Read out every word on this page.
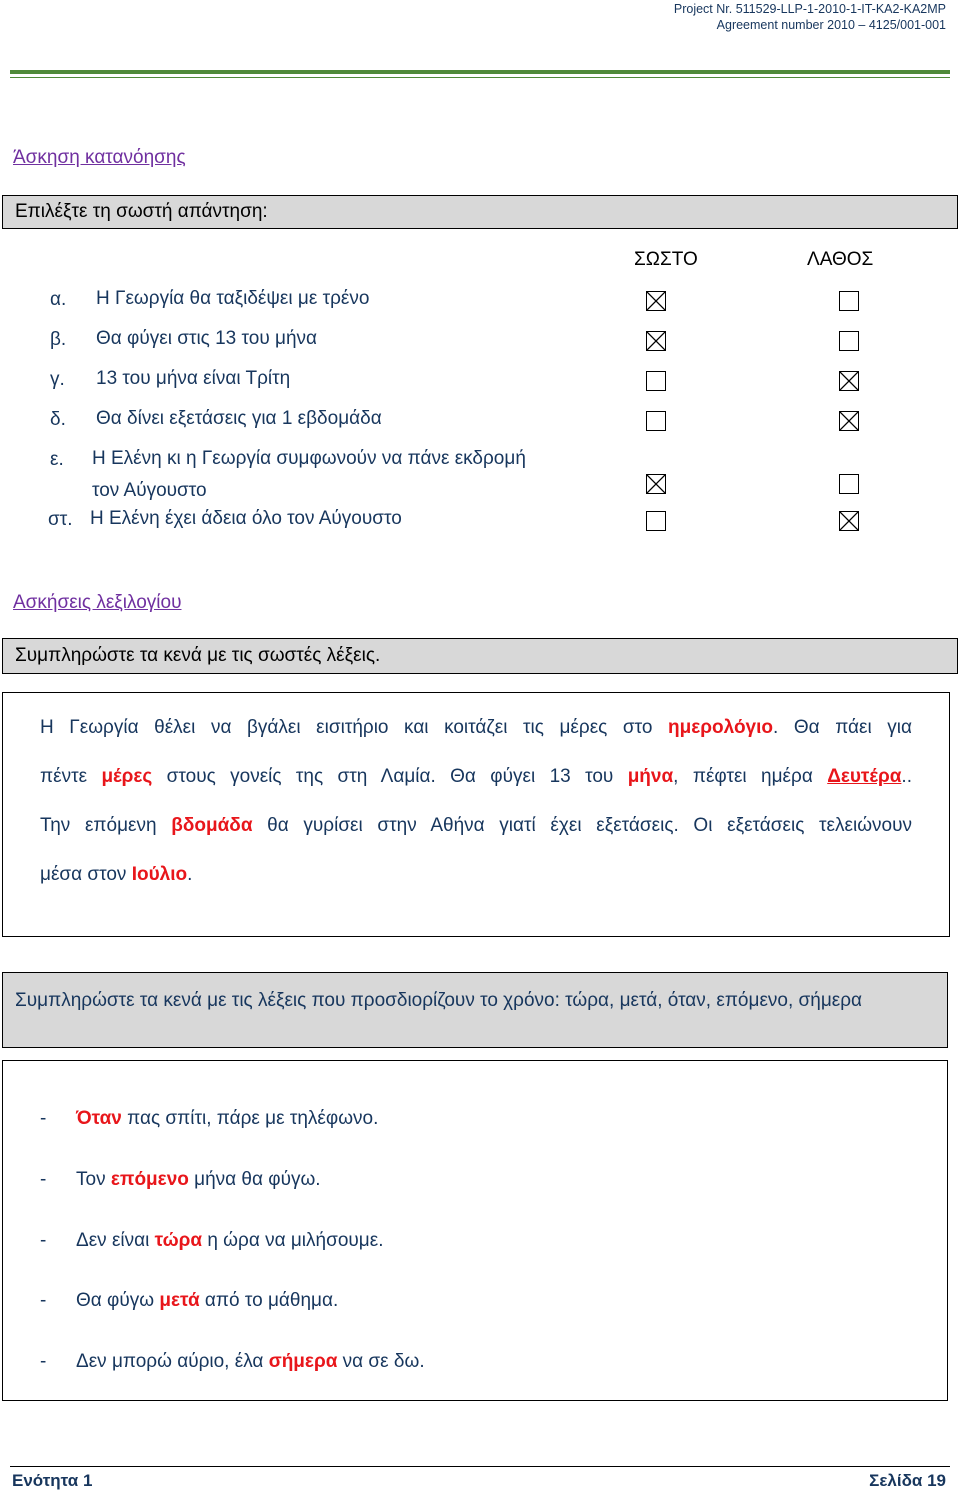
Project Nr. 511529-LLP-1-2010-1-IT-KA2-KA2MP
Agreement number 2010 – 4125/001-001
Άσκηση κατανόησης
Επιλέξτε τη σωστή απάντηση:
ΣΩΣΤΟ	ΛΑΘΟΣ
α. Η Γεωργία θα ταξιδέψει με τρένο
β. Θα φύγει στις 13 του μήνα
γ. 13 του μήνα είναι Τρίτη
δ. Θα δίνει εξετάσεις για 1 εβδομάδα
ε. Η Ελένη κι η Γεωργία συμφωνούν να πάνε εκδρομή
τον Αύγουστο
στ. Η Ελένη έχει άδεια όλο τον Αύγουστο
Ασκήσεις λεξιλογίου
Συμπληρώστε τα κενά με τις σωστές λέξεις.
Η Γεωργία θέλει να βγάλει εισιτήριο και κοιτάζει τις μέρες στο ημερολόγιο. Θα πάει για
πέντε μέρες στους γονείς της στη Λαμία. Θα φύγει 13 του μήνα, πέφτει ημέρα Δευτέρα..
Την επόμενη βδομάδα θα γυρίσει στην Αθήνα γιατί έχει εξετάσεις. Οι εξετάσεις τελειώνουν
μέσα στον Ιούλιο.
Συμπληρώστε τα κενά με τις λέξεις που προσδιορίζουν το χρόνο: τώρα, μετά, όταν, επόμενο, σήμερα
- Όταν πας σπίτι, πάρε με τηλέφωνο.
- Τον επόμενο μήνα θα φύγω.
- Δεν είναι τώρα η ώρα να μιλήσουμε.
- Θα φύγω μετά από το μάθημα.
- Δεν μπορώ αύριο, έλα σήμερα να σε δω.
Ενότητα 1	Σελίδα 19
